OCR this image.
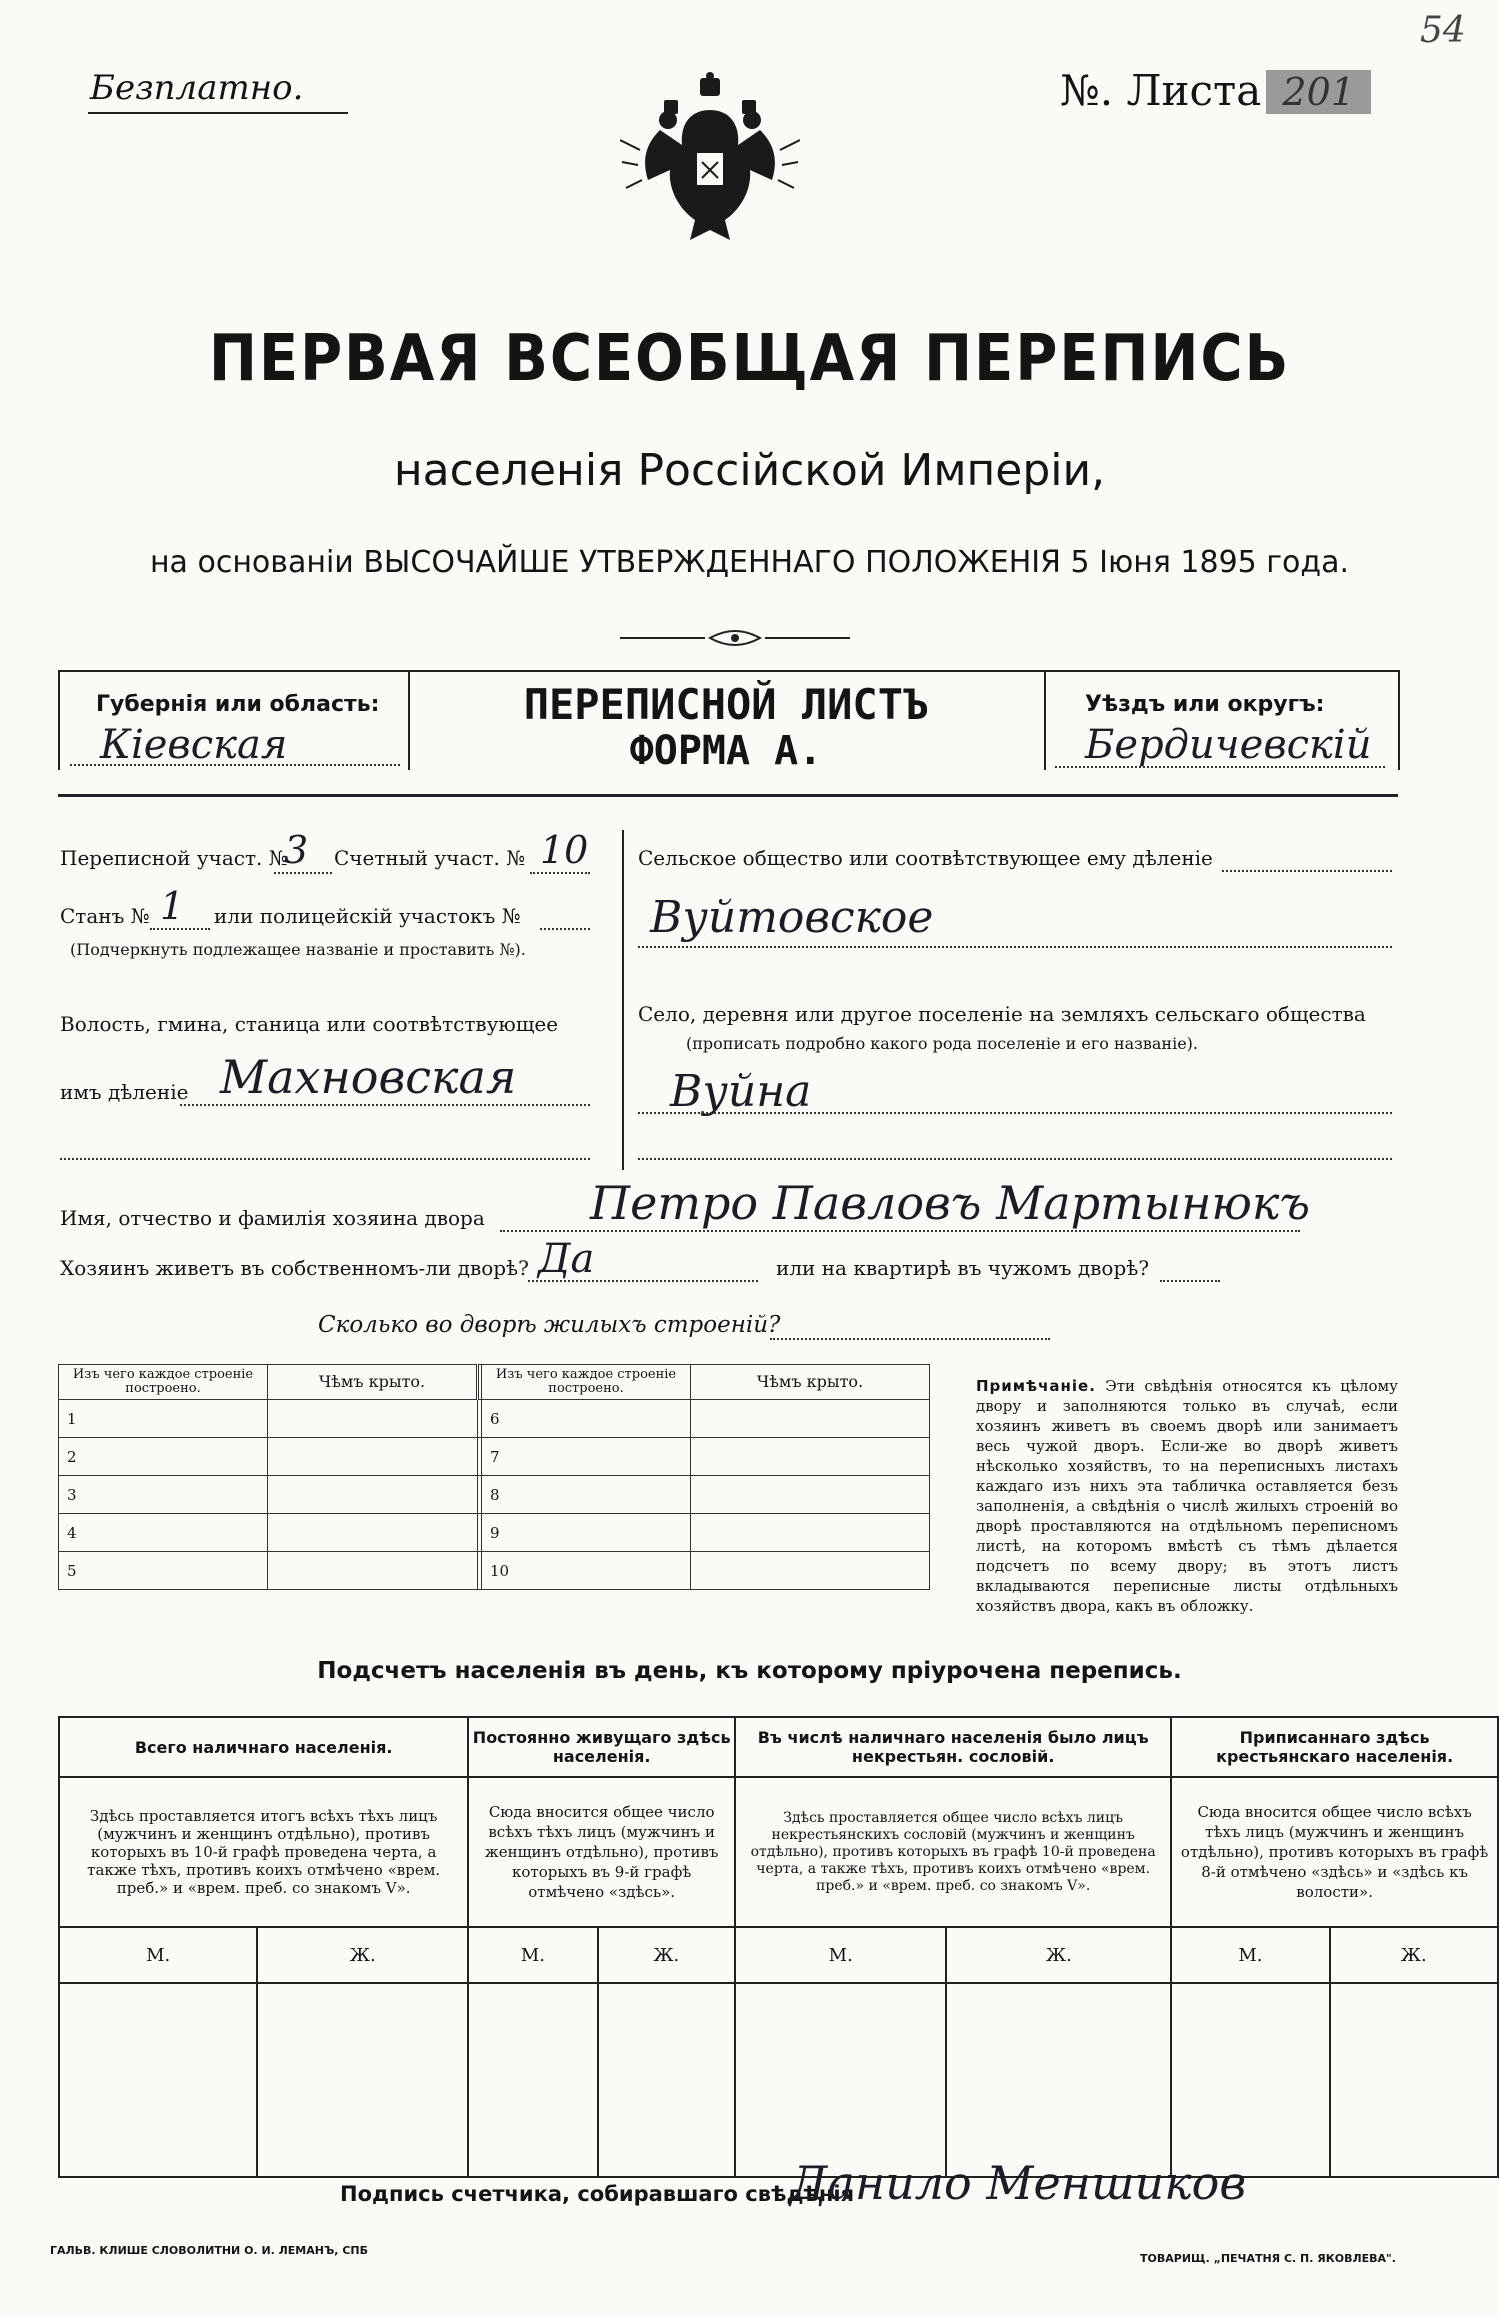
Безплатно.	№. Листа 201
ПЕРВАЯ ВСЕОБЩАЯ ПЕРЕПИСЬ
населенія Россійской Имперіи,
на основаніи ВЫСОЧАЙШЕ УТВЕРЖДЕННАГО ПОЛОЖЕНІЯ 5 Іюня 1895 года.
Губернія или область:
Кіевская
ПЕРЕПИСНОЙ ЛИСТЪ
ФОРМА А.
Уѣздъ или округъ:
Бердичевскій
Переписной участ. №
3 Счетный участ. № 10
Станъ № 1 или полицейскій участокъ №
(Подчеркнуть подлежащее названіе и проставить №).
Волость, гмина, станица или соотвѣтствующее
имъ дѣленіе Махновская
Сельское общество или соотвѣтствующее ему дѣленіе
Вуйтовское
Село, деревня или другое поселеніе на земляхъ сельскаго общества
(прописать подробно какого рода поселеніе и его названіе).
Вуйна
Имя, отчество и фамилія хозяина двора Петро Павловъ Мартынюкъ
Хозяинъ живетъ въ собственномъ-ли дворѣ? Да	или на квартирѣ въ чужомъ дворѣ?
Сколько во дворѣ жилыхъ строеній?
Изъ чего каждое строеніе построено.	Чѣмъ крыто.		Изъ чего каждое строеніе построено.	Чѣмъ крыто.
1			6	
2			7	
3			8	
4			9	
5			10	
Примѣчаніе. Эти свѣдѣнія относятся къ цѣлому двору и заполняются только въ случаѣ, если хозяинъ живетъ въ своемъ дворѣ или занимаетъ весь чужой дворъ. Если-же во дворѣ живетъ нѣсколько хозяйствъ, то на переписныхъ листахъ каждаго изъ нихъ эта табличка оставляется безъ заполненія, а свѣдѣнія о числѣ жилыхъ строеній во дворѣ проставляются на отдѣльномъ переписномъ листѣ, на которомъ вмѣстѣ съ тѣмъ дѣлается подсчетъ по всему двору; въ этотъ листъ вкладываются переписные листы отдѣльныхъ хозяйствъ двора, какъ въ обложку.
Подсчетъ населенія въ день, къ которому пріурочена перепись.
Всего наличнаго населенія.		Постоянно живущаго здѣсь населенія.		Въ числѣ наличнаго населенія было лицъ некрестьян. сословій.		Приписаннаго здѣсь крестьянскаго населенія.	
Здѣсь проставляется итогъ всѣхъ тѣхъ лицъ (мужчинъ и женщинъ отдѣльно), противъ которыхъ въ 10-й графѣ проведена черта, а также тѣхъ, противъ коихъ отмѣчено «врем. преб.» и «врем. преб. со знакомъ V».		Сюда вносится общее число всѣхъ тѣхъ лицъ (мужчинъ и женщинъ отдѣльно), противъ которыхъ въ 9-й графѣ отмѣчено «здѣсь».		Здѣсь проставляется общее число всѣхъ лицъ некрестьянскихъ сословій (мужчинъ и женщинъ отдѣльно), противъ которыхъ въ графѣ 10-й проведена черта, а также тѣхъ, противъ коихъ отмѣчено «врем. преб.» и «врем. преб. со знакомъ V».		Сюда вносится общее число всѣхъ тѣхъ лицъ (мужчинъ и женщинъ отдѣльно), противъ которыхъ въ графѣ 8-й отмѣчено «здѣсь» и «здѣсь къ волости».	
М.	Ж.	М.	Ж.	М.	Ж.	М.	Ж.

Подпись счетчика, собиравшаго свѣдѣнія
Данило Меншиков
ГАЛЬВ. КЛИШЕ СЛОВОЛИТНИ О. И. ЛЕМАНЪ, СПБ
ТОВАРИЩ. „ПЕЧАТНЯ С. П. ЯКОВЛЕВА".
54
